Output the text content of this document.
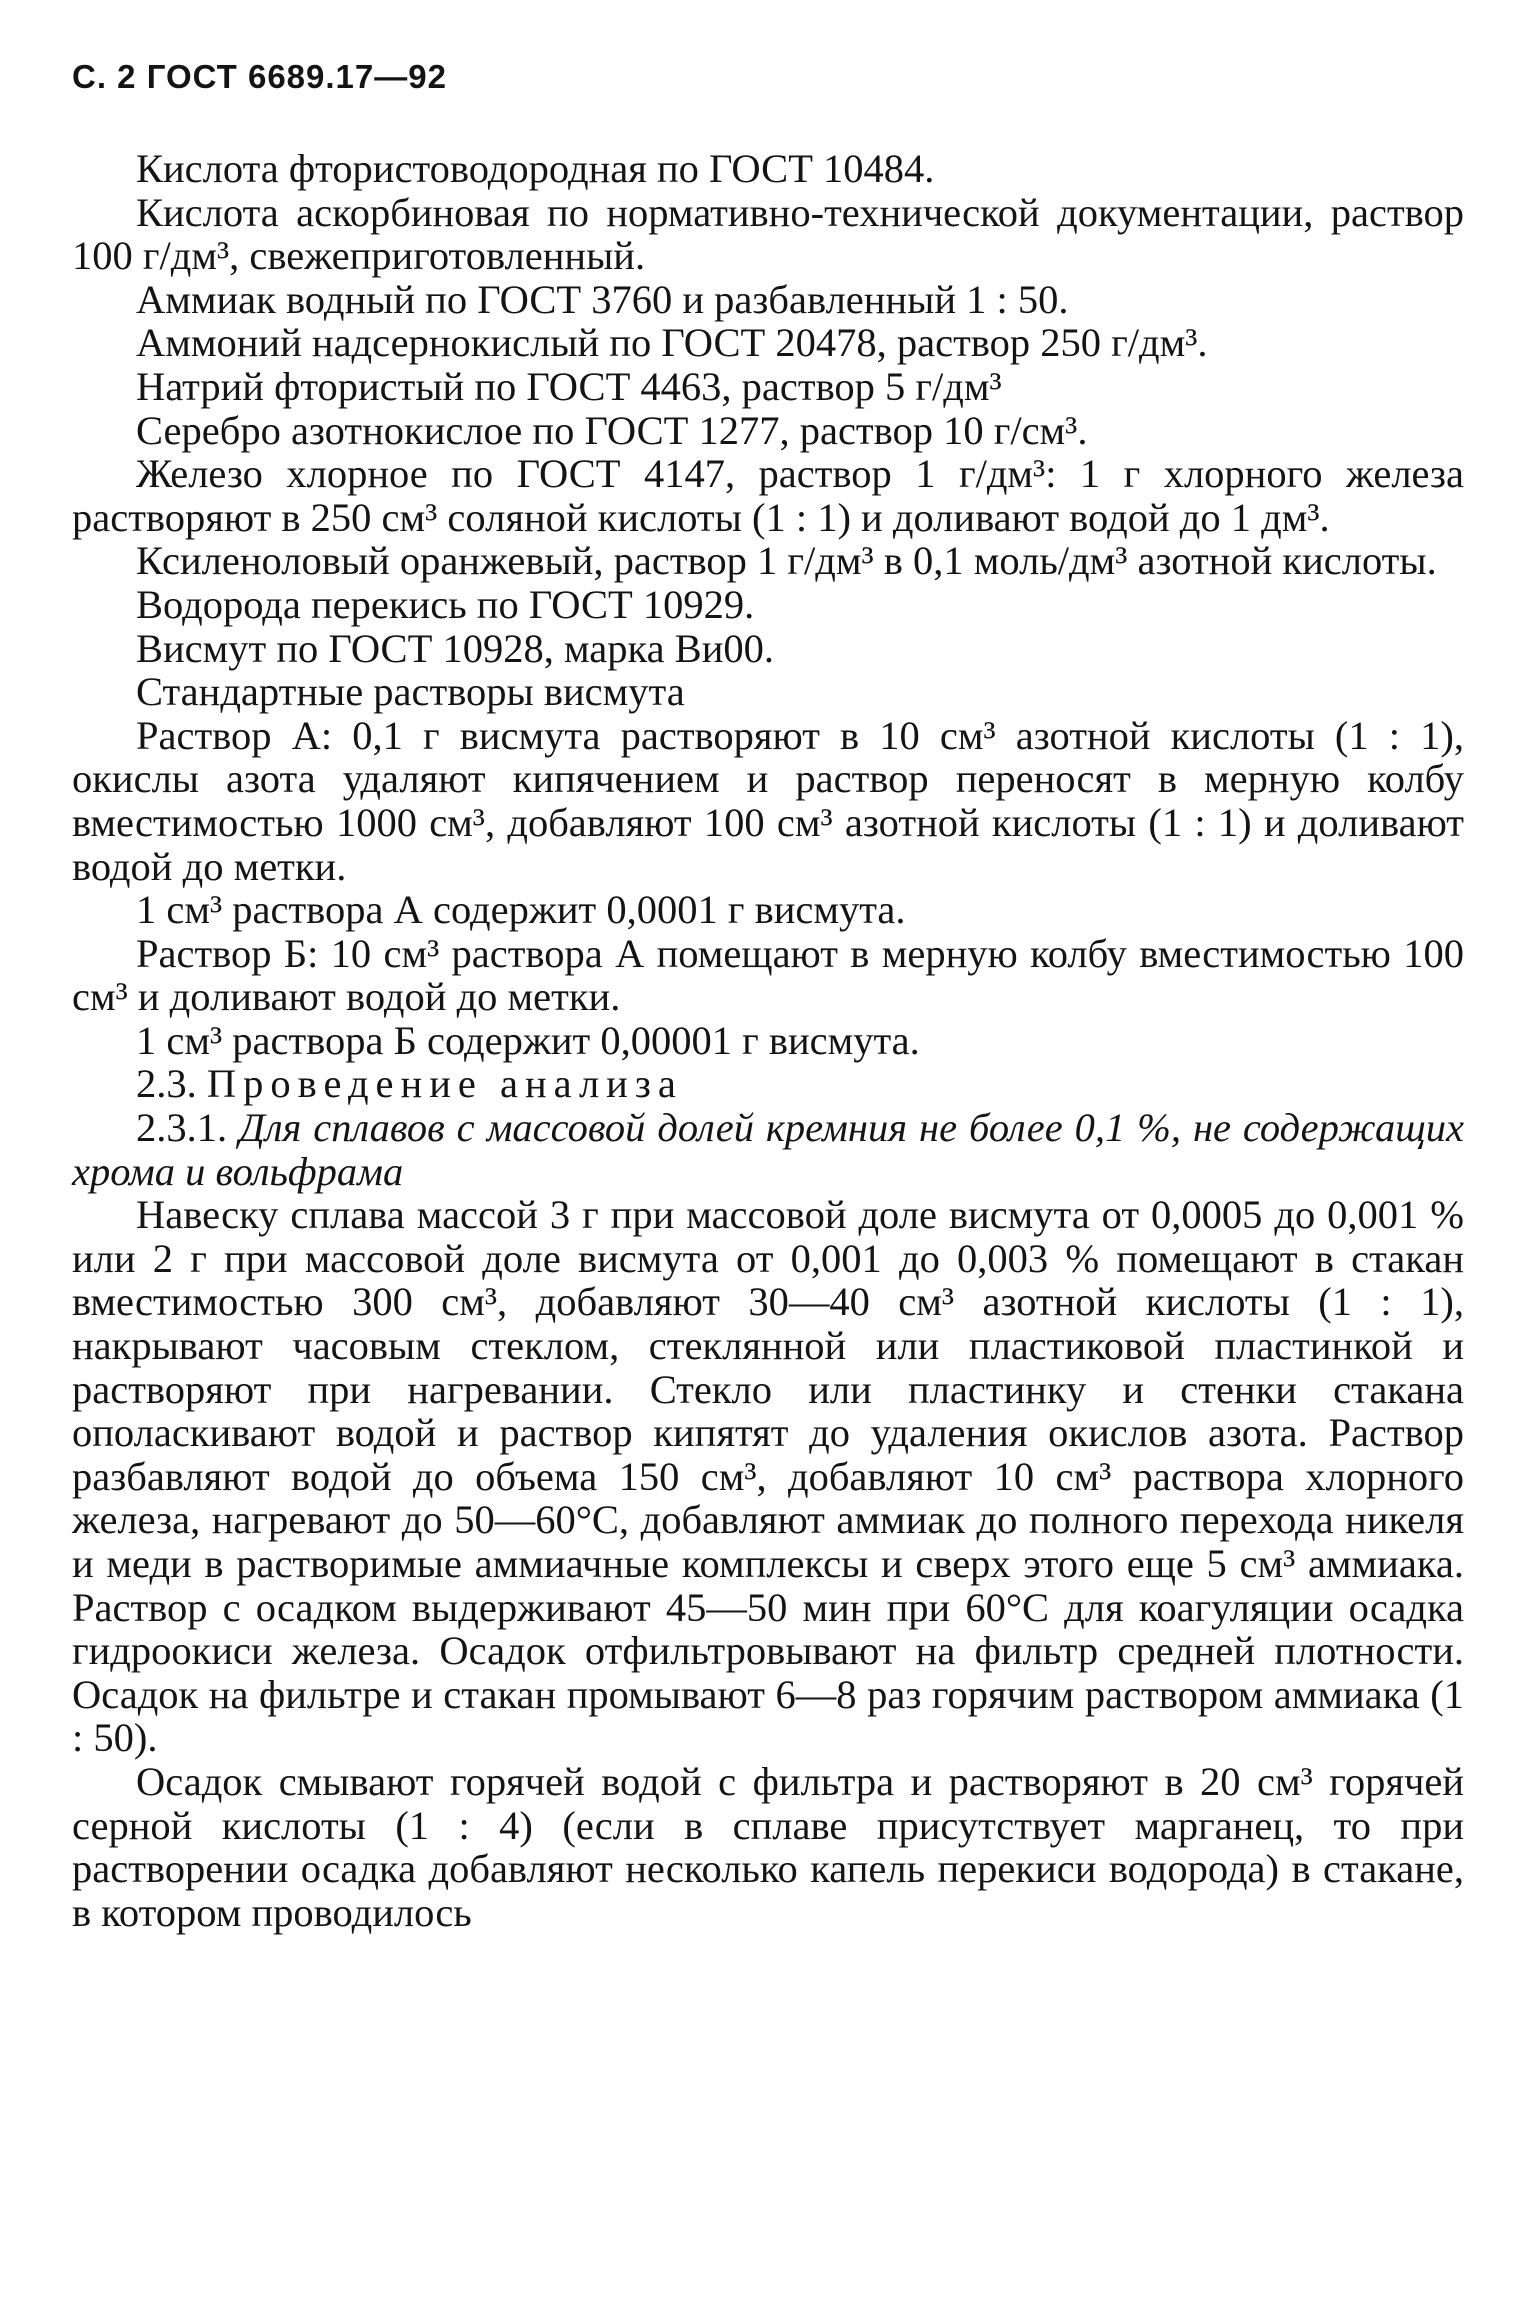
С. 2 ГОСТ 6689.17—92

Кислота фтористоводородная по ГОСТ 10484.

Кислота аскорбиновая по нормативно-технической документации, раствор 100 г/дм³, свежеприготовленный.

Аммиак водный по ГОСТ 3760 и разбавленный 1 : 50.

Аммоний надсернокислый по ГОСТ 20478, раствор 250 г/дм³.

Натрий фтористый по ГОСТ 4463, раствор 5 г/дм³

Серебро азотнокислое по ГОСТ 1277, раствор 10 г/см³.

Железо хлорное по ГОСТ 4147, раствор 1 г/дм³: 1 г хлорного железа растворяют в 250 см³ соляной кислоты (1 : 1) и доливают водой до 1 дм³.

Ксиленоловый оранжевый, раствор 1 г/дм³ в 0,1 моль/дм³ азотной кислоты.

Водорода перекись по ГОСТ 10929.

Висмут по ГОСТ 10928, марка Ви00.

Стандартные растворы висмута

Раствор А: 0,1 г висмута растворяют в 10 см³ азотной кислоты (1 : 1), окислы азота удаляют кипячением и раствор переносят в мерную колбу вместимостью 1000 см³, добавляют 100 см³ азотной кислоты (1 : 1) и доливают водой до метки.

1 см³ раствора А содержит 0,0001 г висмута.

Раствор Б: 10 см³ раствора А помещают в мерную колбу вместимостью 100 см³ и доливают водой до метки.

1 см³ раствора Б содержит 0,00001 г висмута.

2.3. Проведение анализа

2.3.1. Для сплавов с массовой долей кремния не более 0,1 %, не содержащих хрома и вольфрама

Навеску сплава массой 3 г при массовой доле висмута от 0,0005 до 0,001 % или 2 г при массовой доле висмута от 0,001 до 0,003 % помещают в стакан вместимостью 300 см³, добавляют 30—40 см³ азотной кислоты (1 : 1), накрывают часовым стеклом, стеклянной или пластиковой пластинкой и растворяют при нагревании. Стекло или пластинку и стенки стакана ополаскивают водой и раствор кипятят до удаления окислов азота. Раствор разбавляют водой до объема 150 см³, добавляют 10 см³ раствора хлорного железа, нагревают до 50—60°С, добавляют аммиак до полного перехода никеля и меди в растворимые аммиачные комплексы и сверх этого еще 5 см³ аммиака. Раствор с осадком выдерживают 45—50 мин при 60°С для коагуляции осадка гидроокиси железа. Осадок отфильтровывают на фильтр средней плотности. Осадок на фильтре и стакан промывают 6—8 раз горячим раствором аммиака (1 : 50).

Осадок смывают горячей водой с фильтра и растворяют в 20 см³ горячей серной кислоты (1 : 4) (если в сплаве присутствует марганец, то при растворении осадка добавляют несколько капель перекиси водорода) в стакане, в котором проводилось
